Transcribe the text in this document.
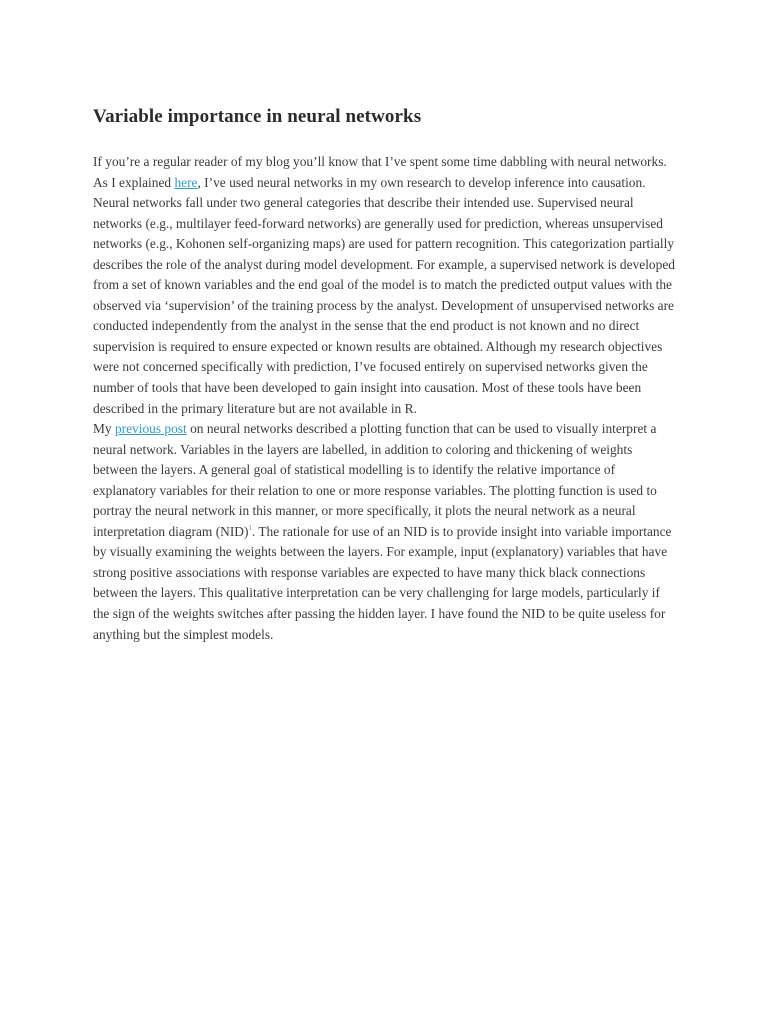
Variable importance in neural networks

If you’re a regular reader of my blog you’ll know that I’ve spent some time dabbling with neural networks. As I explained here, I’ve used neural networks in my own research to develop inference into causation. Neural networks fall under two general categories that describe their intended use. Supervised neural networks (e.g., multilayer feed-forward networks) are generally used for prediction, whereas unsupervised networks (e.g., Kohonen self-organizing maps) are used for pattern recognition. This categorization partially describes the role of the analyst during model development. For example, a supervised network is developed from a set of known variables and the end goal of the model is to match the predicted output values with the observed via ‘supervision’ of the training process by the analyst. Development of unsupervised networks are conducted independently from the analyst in the sense that the end product is not known and no direct supervision is required to ensure expected or known results are obtained. Although my research objectives were not concerned specifically with prediction, I’ve focused entirely on supervised networks given the number of tools that have been developed to gain insight into causation. Most of these tools have been described in the primary literature but are not available in R.

My previous post on neural networks described a plotting function that can be used to visually interpret a neural network. Variables in the layers are labelled, in addition to coloring and thickening of weights between the layers. A general goal of statistical modelling is to identify the relative importance of explanatory variables for their relation to one or more response variables. The plotting function is used to portray the neural network in this manner, or more specifically, it plots the neural network as a neural interpretation diagram (NID)$^1$. The rationale for use of an NID is to provide insight into variable importance by visually examining the weights between the layers. For example, input (explanatory) variables that have strong positive associations with response variables are expected to have many thick black connections between the layers. This qualitative interpretation can be very challenging for large models, particularly if the sign of the weights switches after passing the hidden layer. I have found the NID to be quite useless for anything but the simplest models.
